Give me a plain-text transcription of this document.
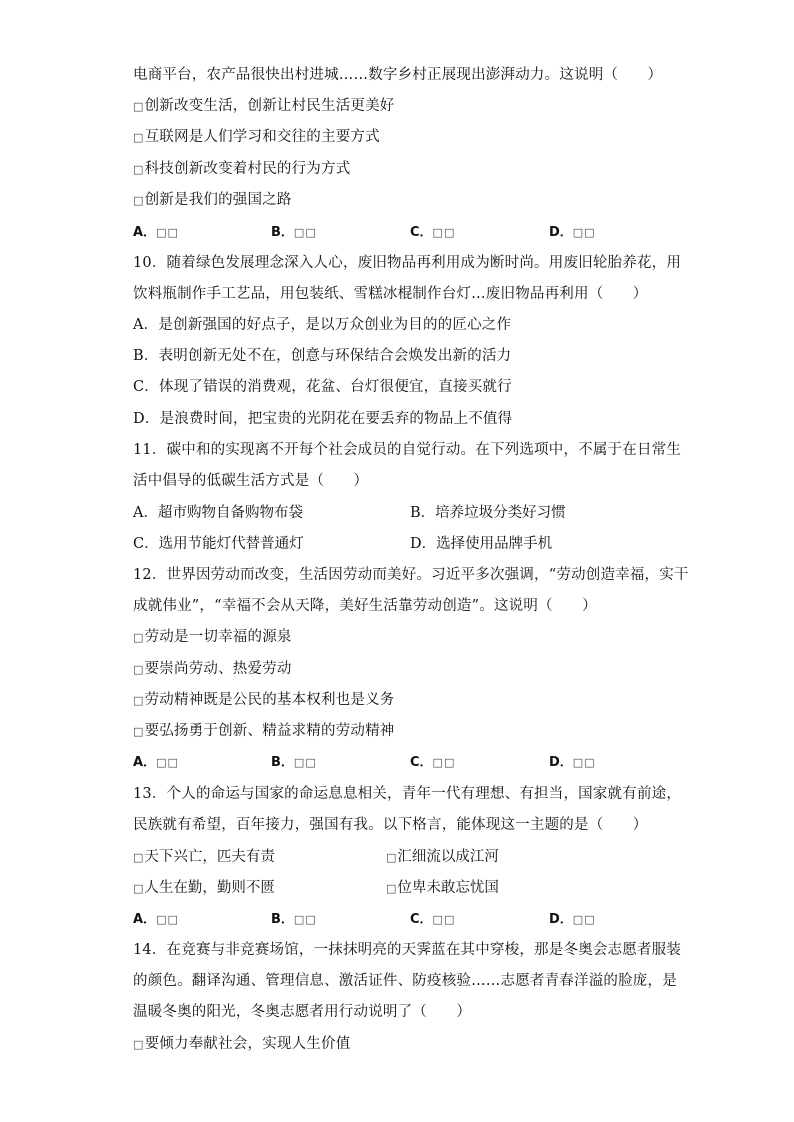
电商平台，农产品很快出村进城……数字乡村正展现出澎湃动力。这说明（　　）
□创新改变生活，创新让村民生活更美好
□互联网是人们学习和交往的主要方式
□科技创新改变着村民的行为方式
□创新是我们的强国之路
A．□□	B．□□	C．□□	D．□□
10．随着绿色发展理念深入人心，废旧物品再利用成为断时尚。用废旧轮胎养花，用
饮料瓶制作手工艺品，用包装纸、雪糕冰棍制作台灯…废旧物品再利用（　　）
A．是创新强国的好点子，是以万众创业为目的的匠心之作
B．表明创新无处不在，创意与环保结合会焕发出新的活力
C．体现了错误的消费观，花盆、台灯很便宜，直接买就行
D．是浪费时间，把宝贵的光阴花在要丢弃的物品上不值得
11．碳中和的实现离不开每个社会成员的自觉行动。在下列选项中，不属于在日常生
活中倡导的低碳生活方式是（　　）
A．超市购物自备购物布袋	B．培养垃圾分类好习惯
C．选用节能灯代替普通灯	D．选择使用品牌手机
12．世界因劳动而改变，生活因劳动而美好。习近平多次强调，“劳动创造幸福，实干
成就伟业”，“幸福不会从天降，美好生活靠劳动创造”。这说明（　　）
□劳动是一切幸福的源泉
□要崇尚劳动、热爱劳动
□劳动精神既是公民的基本权利也是义务
□要弘扬勇于创新、精益求精的劳动精神
A．□□	B．□□	C．□□	D．□□
13．个人的命运与国家的命运息息相关，青年一代有理想、有担当，国家就有前途，
民族就有希望，百年接力，强国有我。以下格言，能体现这一主题的是（　　）
□天下兴亡，匹夫有责	□汇细流以成江河
□人生在勤，勤则不匮	□位卑未敢忘忧国
A．□□	B．□□	C．□□	D．□□
14．在竞赛与非竞赛场馆，一抹抹明亮的天霁蓝在其中穿梭，那是冬奥会志愿者服装
的颜色。翻译沟通、管理信息、激活证件、防疫核验……志愿者青春洋溢的脸庞，是
温暖冬奥的阳光，冬奥志愿者用行动说明了（　　）
□要倾力奉献社会，实现人生价值
